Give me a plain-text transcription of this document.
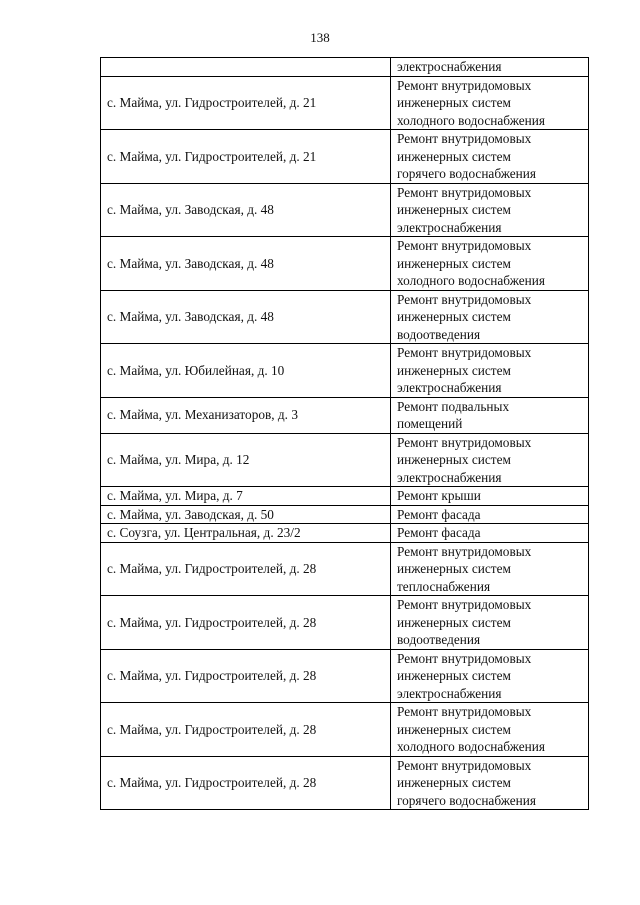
138

	электроснабжения

с. Майма, ул. Гидростроителей, д. 21	Ремонт внутридомовых
инженерных систем
холодного водоснабжения

с. Майма, ул. Гидростроителей, д. 21	Ремонт внутридомовых
инженерных систем
горячего водоснабжения

с. Майма, ул. Заводская, д. 48	Ремонт внутридомовых
инженерных систем
электроснабжения

с. Майма, ул. Заводская, д. 48	Ремонт внутридомовых
инженерных систем
холодного водоснабжения

с. Майма, ул. Заводская, д. 48	Ремонт внутридомовых
инженерных систем
водоотведения

с. Майма, ул. Юбилейная, д. 10	Ремонт внутридомовых
инженерных систем
электроснабжения

с. Майма, ул. Механизаторов, д. 3	Ремонт подвальных
помещений

с. Майма, ул. Мира, д. 12	Ремонт внутридомовых
инженерных систем
электроснабжения

с. Майма, ул. Мира, д. 7	Ремонт крыши

с. Майма, ул. Заводская, д. 50	Ремонт фасада

с. Соузга, ул. Центральная, д. 23/2	Ремонт фасада

с. Майма, ул. Гидростроителей, д. 28	Ремонт внутридомовых
инженерных систем
теплоснабжения

с. Майма, ул. Гидростроителей, д. 28	Ремонт внутридомовых
инженерных систем
водоотведения

с. Майма, ул. Гидростроителей, д. 28	Ремонт внутридомовых
инженерных систем
электроснабжения

с. Майма, ул. Гидростроителей, д. 28	Ремонт внутридомовых
инженерных систем
холодного водоснабжения

с. Майма, ул. Гидростроителей, д. 28	Ремонт внутридомовых
инженерных систем
горячего водоснабжения
